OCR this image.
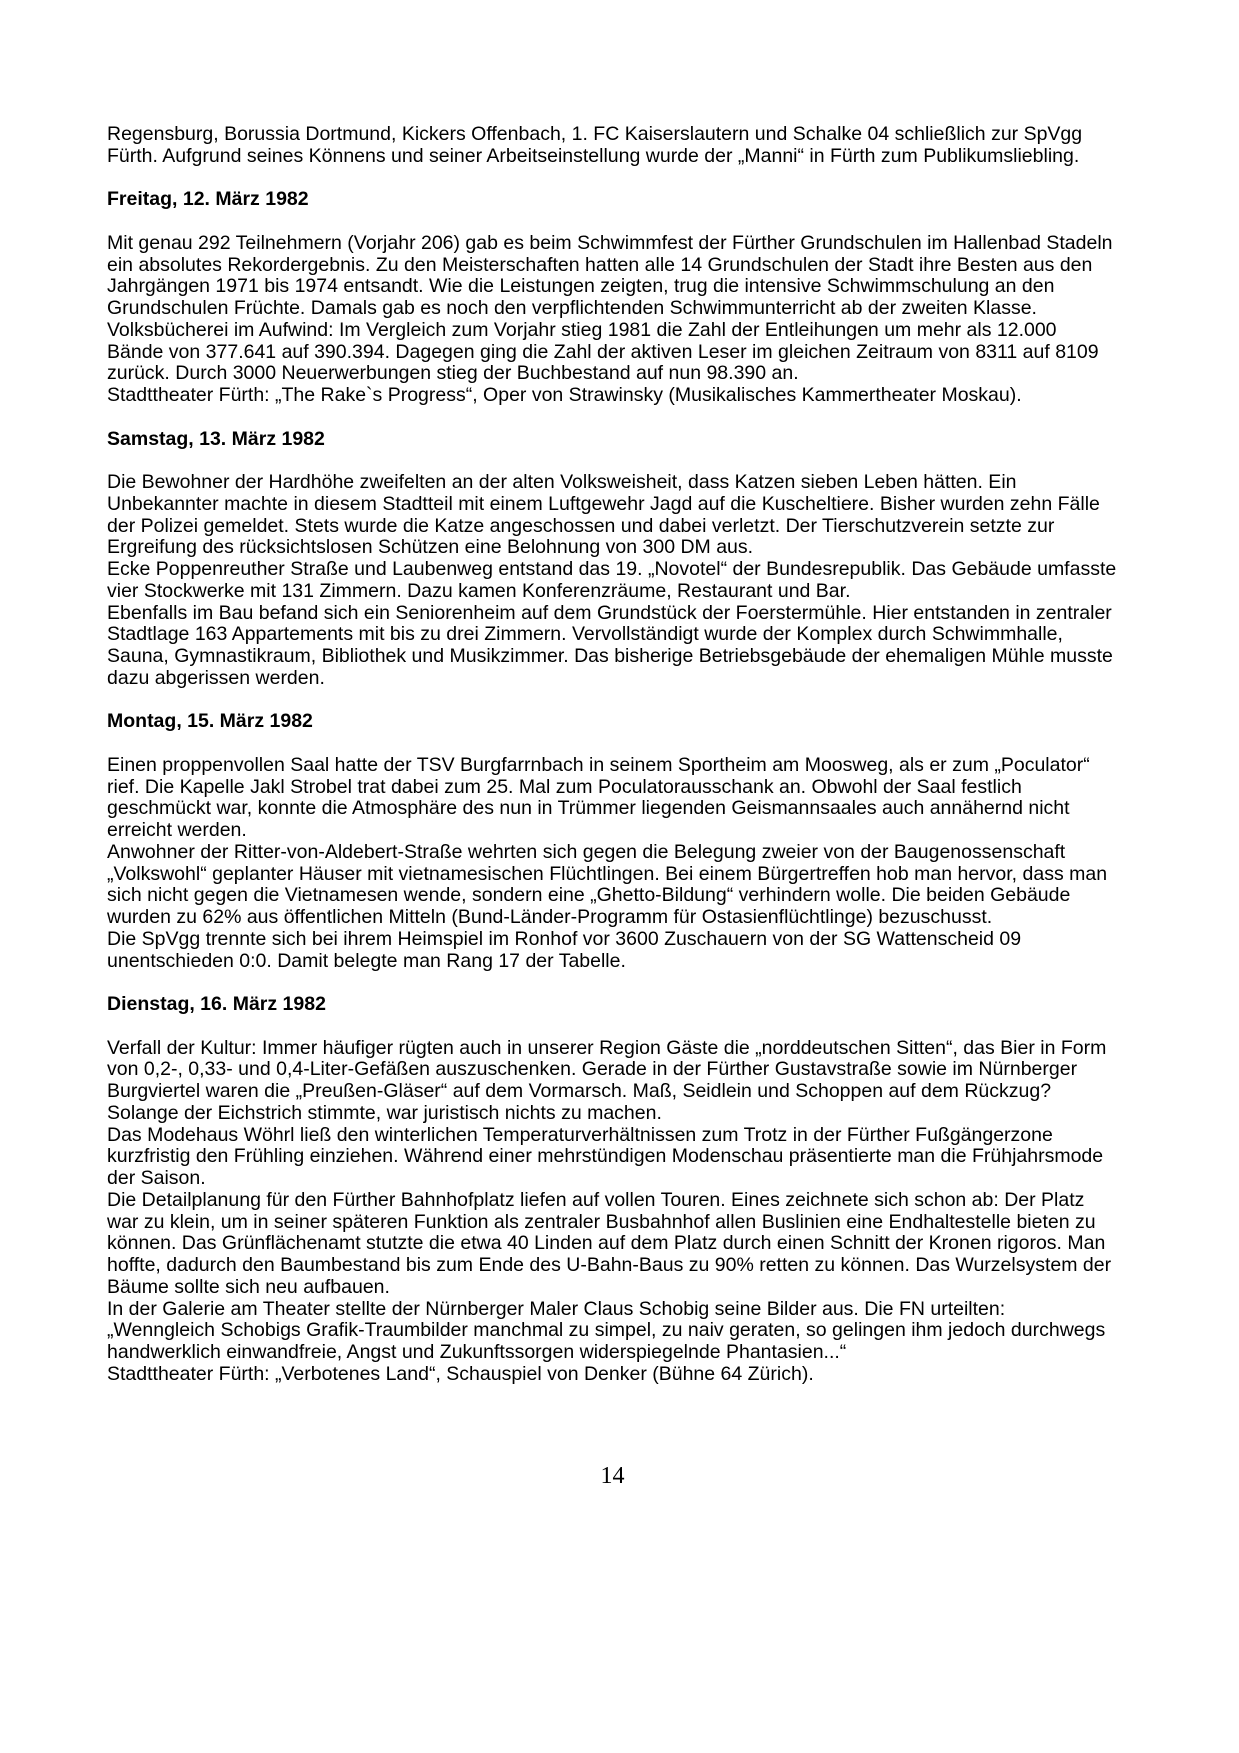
Regensburg, Borussia Dortmund, Kickers Offenbach, 1. FC Kaiserslautern und Schalke 04 schließlich zur SpVgg Fürth. Aufgrund seines Könnens und seiner Arbeitseinstellung wurde der „Manni“ in Fürth zum Publikumsliebling.

Freitag, 12. März 1982

Mit genau 292 Teilnehmern (Vorjahr 206) gab es beim Schwimmfest der Fürther Grundschulen im Hallenbad Stadeln ein absolutes Rekordergebnis. Zu den Meisterschaften hatten alle 14 Grundschulen der Stadt ihre Besten aus den Jahrgängen 1971 bis 1974 entsandt. Wie die Leistungen zeigten, trug die intensive Schwimmschulung an den Grundschulen Früchte. Damals gab es noch den verpflichtenden Schwimmunterricht ab der zweiten Klasse.

Volksbücherei im Aufwind: Im Vergleich zum Vorjahr stieg 1981 die Zahl der Entleihungen um mehr als 12.000 Bände von 377.641 auf 390.394. Dagegen ging die Zahl der aktiven Leser im gleichen Zeitraum von 8311 auf 8109 zurück. Durch 3000 Neuerwerbungen stieg der Buchbestand auf nun 98.390 an.

Stadttheater Fürth: „The Rake`s Progress“, Oper von Strawinsky (Musikalisches Kammertheater Moskau).

Samstag, 13. März 1982

Die Bewohner der Hardhöhe zweifelten an der alten Volksweisheit, dass Katzen sieben Leben hätten. Ein Unbekannter machte in diesem Stadtteil mit einem Luftgewehr Jagd auf die Kuscheltiere. Bisher wurden zehn Fälle der Polizei gemeldet. Stets wurde die Katze angeschossen und dabei verletzt. Der Tierschutzverein setzte zur Ergreifung des rücksichtslosen Schützen eine Belohnung von 300 DM aus.

Ecke Poppenreuther Straße und Laubenweg entstand das 19. „Novotel“ der Bundesrepublik. Das Gebäude umfasste vier Stockwerke mit 131 Zimmern. Dazu kamen Konferenzräume, Restaurant und Bar.

Ebenfalls im Bau befand sich ein Seniorenheim auf dem Grundstück der Foerstermühle. Hier entstanden in zentraler Stadtlage 163 Appartements mit bis zu drei Zimmern. Vervollständigt wurde der Komplex durch Schwimmhalle, Sauna, Gymnastikraum, Bibliothek und Musikzimmer. Das bisherige Betriebsgebäude der ehemaligen Mühle musste dazu abgerissen werden.

Montag, 15. März 1982

Einen proppenvollen Saal hatte der TSV Burgfarrnbach in seinem Sportheim am Moosweg, als er zum „Poculator“ rief. Die Kapelle Jakl Strobel trat dabei zum 25. Mal zum Poculatorausschank an. Obwohl der Saal festlich geschmückt war, konnte die Atmosphäre des nun in Trümmer liegenden Geismannsaales auch annähernd nicht erreicht werden.

Anwohner der Ritter-von-Aldebert-Straße wehrten sich gegen die Belegung zweier von der Baugenossenschaft „Volkswohl“ geplanter Häuser mit vietnamesischen Flüchtlingen. Bei einem Bürgertreffen hob man hervor, dass man sich nicht gegen die Vietnamesen wende, sondern eine „Ghetto-Bildung“ verhindern wolle. Die beiden Gebäude wurden zu 62% aus öffentlichen Mitteln (Bund-Länder-Programm für Ostasienflüchtlinge) bezuschusst.

Die SpVgg trennte sich bei ihrem Heimspiel im Ronhof vor 3600 Zuschauern von der SG Wattenscheid 09 unentschieden 0:0. Damit belegte man Rang 17 der Tabelle.

Dienstag, 16. März 1982

Verfall der Kultur: Immer häufiger rügten auch in unserer Region Gäste die „norddeutschen Sitten“, das Bier in Form von 0,2-, 0,33- und 0,4-Liter-Gefäßen auszuschenken. Gerade in der Fürther Gustavstraße sowie im Nürnberger Burgviertel waren die „Preußen-Gläser“ auf dem Vormarsch. Maß, Seidlein und Schoppen auf dem Rückzug? Solange der Eichstrich stimmte, war juristisch nichts zu machen.

Das Modehaus Wöhrl ließ den winterlichen Temperaturverhältnissen zum Trotz in der Fürther Fußgängerzone kurzfristig den Frühling einziehen. Während einer mehrstündigen Modenschau präsentierte man die Frühjahrsmode der Saison.

Die Detailplanung für den Fürther Bahnhofplatz liefen auf vollen Touren. Eines zeichnete sich schon ab: Der Platz war zu klein, um in seiner späteren Funktion als zentraler Busbahnhof allen Buslinien eine Endhaltestelle bieten zu können. Das Grünflächenamt stutzte die etwa 40 Linden auf dem Platz durch einen Schnitt der Kronen rigoros. Man hoffte, dadurch den Baumbestand bis zum Ende des U-Bahn-Baus zu 90% retten zu können. Das Wurzelsystem der Bäume sollte sich neu aufbauen.

In der Galerie am Theater stellte der Nürnberger Maler Claus Schobig seine Bilder aus. Die FN urteilten: „Wenngleich Schobigs Grafik-Traumbilder manchmal zu simpel, zu naiv geraten, so gelingen ihm jedoch durchwegs handwerklich einwandfreie, Angst und Zukunftssorgen widerspiegelnde Phantasien...“

Stadttheater Fürth: „Verbotenes Land“, Schauspiel von Denker (Bühne 64 Zürich).

14
